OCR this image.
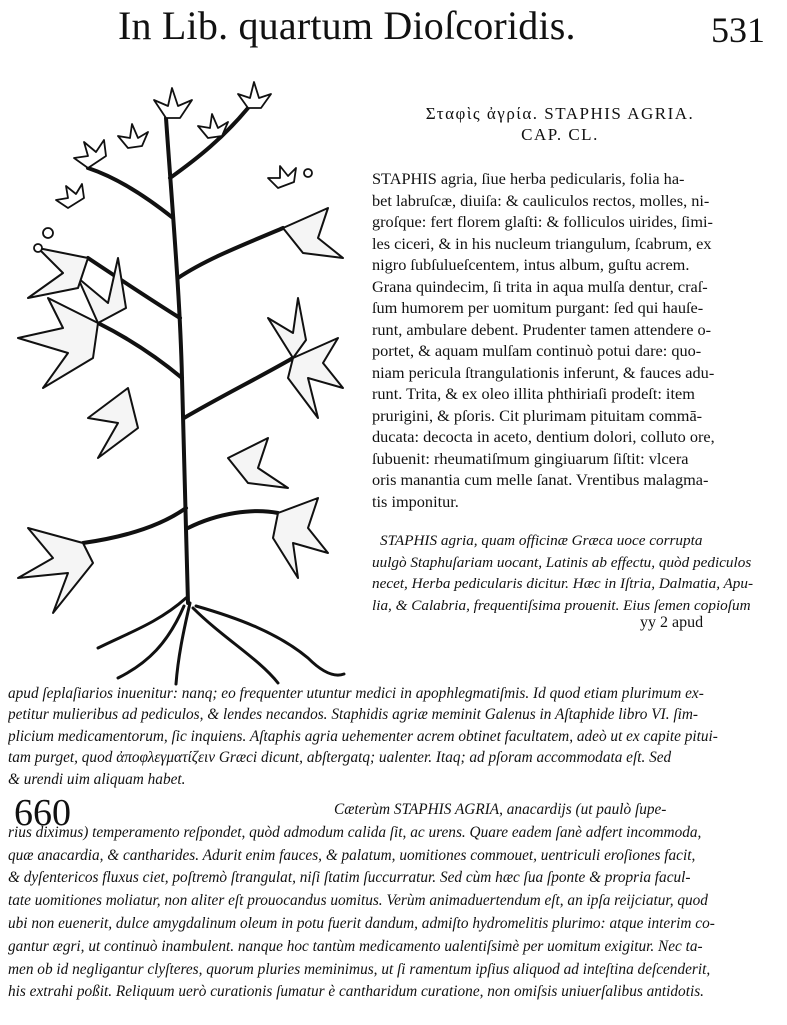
In Lib. quartum Dioſcoridis.	531
Σταφὶς ἀγρία. STAPHIS AGRIA.
CAP. CL.
STAPHIS agria, ſiue herba pedicularis, folia ha-
bet labruſcæ, diuiſa: & cauliculos rectos, molles, ni-
groſque: fert florem glaſti: & folliculos uirides, ſimi-
les ciceri, & in his nucleum triangulum, ſcabrum, ex
nigro ſubſulueſcentem, intus album, guſtu acrem.
Grana quindecim, ſi trita in aqua mulſa dentur, craſ-
ſum humorem per uomitum purgant: ſed qui hauſe-
runt, ambulare debent. Prudenter tamen attendere o-
portet, & aquam mulſam continuò potui dare: quo-
niam pericula ſtrangulationis inferunt, & fauces adu-
runt. Trita, & ex oleo illita phthiriaſi prodeſt: item
prurigini, & pſoris. Cit plurimam pituitam commā-
ducata: decocta in aceto, dentium dolori, colluto ore,
ſubuenit: rheumatiſmum gingiuarum ſiſtit: vlcera
oris manantia cum melle ſanat. Vrentibus malagma-
tis imponitur.
STAPHIS agria, quam officinæ Græca uoce corrupta
uulgò Staphuſariam uocant, Latinis ab effectu, quòd pediculos
necet, Herba pedicularis dicitur. Hæc in Iſtria, Dalmatia, Apu-
lia, & Calabria, frequentiſsima prouenit. Eius ſemen copioſum
yy 2 apud
apud ſeplaſiarios inuenitur: nanq; eo frequenter utuntur medici in apophlegmatiſmis. Id quod etiam plurimum ex-
petitur mulieribus ad pediculos, & lendes necandos. Staphidis agriæ meminit Galenus in Aſtaphide libro VI. ſim-
plicium medicamentorum, ſic inquiens. Aſtaphis agria uehementer acrem obtinet facultatem, adeò ut ex capite pitui-
tam purget, quod ἀποφλεγματίζειν Græci dicunt, abſtergatq; ualenter. Itaq; ad pſoram accommodata eſt. Sed
& urendi uim aliquam habet.
660	Cæterùm STAPHIS AGRIA, anacardijs (ut paulò ſupe-
rius diximus) temperamento reſpondet, quòd admodum calida ſit, ac urens. Quare eadem ſanè adfert incommoda,
quæ anacardia, & cantharides. Adurit enim fauces, & palatum, uomitiones commouet, uentriculi eroſiones facit,
& dyſentericos fluxus ciet, poſtremò ſtrangulat, niſi ſtatim ſuccurratur. Sed cùm hæc ſua ſponte & propria facul-
tate uomitiones moliatur, non aliter eſt prouocandus uomitus. Verùm animaduertendum eſt, an ipſa reijciatur, quod
ubi non euenerit, dulce amygdalinum oleum in potu fuerit dandum, admiſto hydromelitis plurimo: atque interim co-
gantur ægri, ut continuò inambulent. nanque hoc tantùm medicamento ualentiſsimè per uomitum exigitur. Nec ta-
men ob id negligantur clyſteres, quorum pluries meminimus, ut ſi ramentum ipſius aliquod ad inteſtina deſcenderit,
his extrahi poßit. Reliquum uerò curationis ſumatur è cantharidum curatione, non omiſsis uniuerſalibus antidotis.
